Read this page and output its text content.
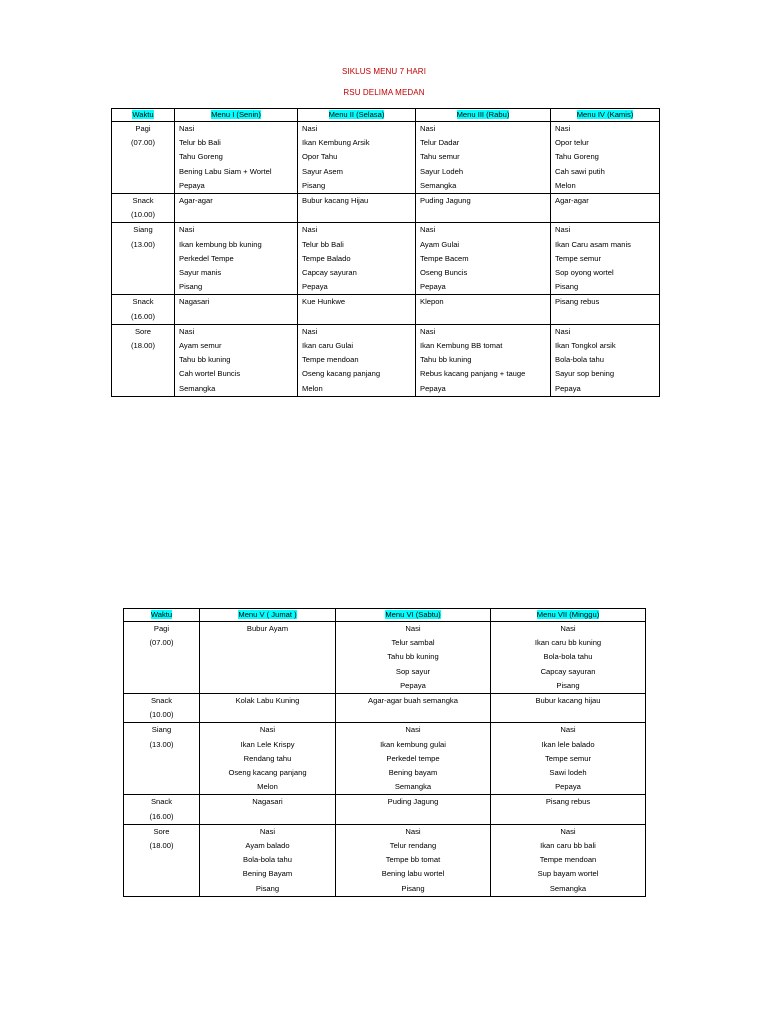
SIKLUS MENU 7 HARI
RSU DELIMA MEDAN
Waktu	Menu I (Senin)	Menu II (Selasa)	Menu III (Rabu)	Menu IV (Kamis)

Pagi
(07.00)	Nasi
Telur bb Bali
Tahu Goreng
Bening Labu Siam + Wortel
Pepaya	Nasi
Ikan Kembung Arsik
Opor Tahu
Sayur Asem
Pisang	Nasi
Telur Dadar
Tahu semur
Sayur Lodeh
Semangka	Nasi
Opor telur
Tahu Goreng
Cah sawi putih
Melon

Snack
(10.00)	Agar-agar	Bubur kacang Hijau	Puding Jagung	Agar-agar

Siang
(13.00)	Nasi
Ikan kembung bb kuning
Perkedel Tempe
Sayur manis
Pisang	Nasi
Telur bb Bali
Tempe Balado
Capcay sayuran
Pepaya	Nasi
Ayam Gulai
Tempe Bacem
Oseng Buncis
Pepaya	Nasi
Ikan Caru asam manis
Tempe semur
Sop oyong wortel
Pisang

Snack
(16.00)	Nagasari	Kue Hunkwe	Klepon	Pisang rebus

Sore
(18.00)	Nasi
Ayam semur
Tahu bb kuning
Cah wortel Buncis
Semangka	Nasi
Ikan caru Gulai
Tempe mendoan
Oseng kacang panjang
Melon	Nasi
Ikan Kembung BB tomat
Tahu bb kuning
Rebus kacang panjang + tauge
Pepaya	Nasi
Ikan Tongkol arsik
Bola-bola tahu
Sayur sop bening
Pepaya
Waktu	Menu V ( Jumat )	Menu VI (Sabtu)	Menu VII (Minggu)

Pagi
(07.00)	Bubur Ayam	Nasi
Telur sambal
Tahu bb kuning
Sop sayur
Pepaya	Nasi
Ikan caru bb kuning
Bola-bola tahu
Capcay sayuran
Pisang

Snack
(10.00)	Kolak Labu Kuning	Agar-agar buah semangka	Bubur kacang hijau

Siang
(13.00)	Nasi
Ikan Lele Krispy
Rendang tahu
Oseng kacang panjang
Melon	Nasi
Ikan kembung gulai
Perkedel tempe
Bening bayam
Semangka	Nasi
Ikan lele balado
Tempe semur
Sawi lodeh
Pepaya

Snack
(16.00)	Nagasari	Puding Jagung	Pisang rebus

Sore
(18.00)	Nasi
Ayam balado
Bola-bola tahu
Bening Bayam
Pisang	Nasi
Telur rendang
Tempe bb tomat
Bening labu wortel
Pisang	Nasi
Ikan caru bb bali
Tempe mendoan
Sup bayam wortel
Semangka
